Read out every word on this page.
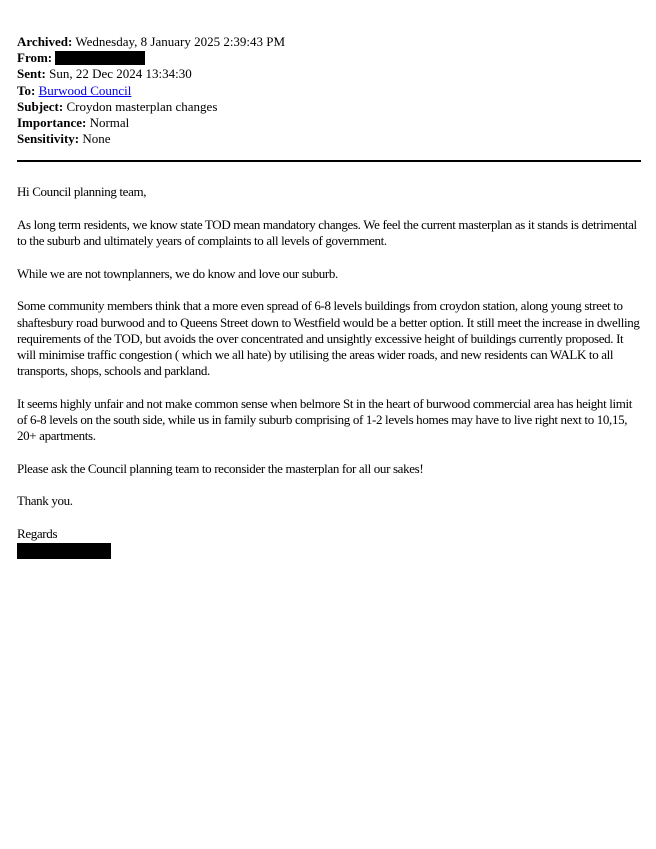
Archived: Wednesday, 8 January 2025 2:39:43 PM
From:
Sent: Sun, 22 Dec 2024 13:34:30
To: Burwood Council
Subject: Croydon masterplan changes
Importance: Normal
Sensitivity: None

Hi Council planning team,

As long term residents, we know state TOD mean mandatory changes. We feel the current masterplan as it stands is detrimental to the suburb and ultimately years of complaints to all levels of government.

While we are not townplanners, we do know and love our suburb.

Some community members think that a more even spread of 6-8 levels buildings from croydon station, along young street to shaftesbury road burwood and to Queens Street down to Westfield would be a better option. It still meet the increase in dwelling requirements of the TOD, but avoids the over concentrated and unsightly excessive height of buildings currently proposed. It will minimise traffic congestion ( which we all hate) by utilising the areas wider roads, and new residents can WALK to all transports, shops, schools and parkland.

It seems highly unfair and not make common sense when belmore St in the heart of burwood commercial area has height limit of 6-8 levels on the south side, while us in family suburb comprising of 1-2 levels homes may have to live right next to 10,15, 20+ apartments.

Please ask the Council planning team to reconsider the masterplan for all our sakes!

Thank you.

Regards
